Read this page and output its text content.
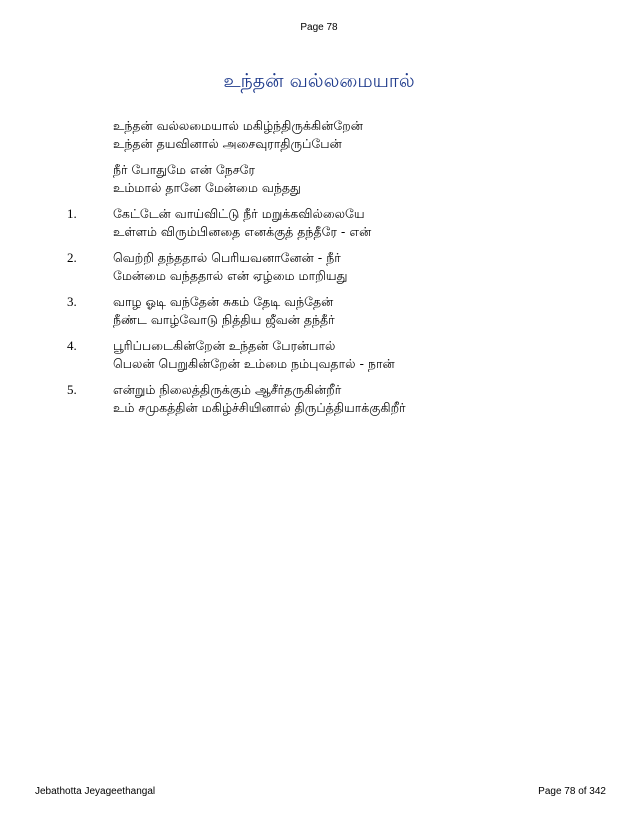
Page 78
உந்தன் வல்லமையால்
உந்தன் வல்லமையால் மகிழ்ந்திருக்கின்றேன்
உந்தன் தயவினால் அசைவுராதிருப்பேன்
நீர் போதுமே என் நேசரே
உம்மால் தானே மேன்மை வந்தது
1.	கேட்டேன் வாய்விட்டு நீர் மறுக்கவில்லையே
உள்ளம் விரும்பினதை எனக்குத் தந்தீரே - என்
2.	வெற்றி தந்ததால் பெரியவனானேன் - நீர்
மேன்மை வந்ததால் என் ஏழ்மை மாறியது
3.	வாழ ஓடி வந்தேன் சுகம் தேடி வந்தேன்
நீண்ட வாழ்வோடு நித்திய ஜீவன் தந்தீர்
4.	பூரிப்படைகின்றேன் உந்தன் பேரன்பால்
பெலன் பெறுகின்றேன் உம்மை நம்புவதால் - நான்
5.	என்றும் நிலைத்திருக்கும் ஆசீர்தருகின்றீர்
உம் சமுகத்தின் மகிழ்ச்சியினால் திருப்த்தியாக்குகிறீர்
Jebathotta Jeyageethangal	Page 78 of 342
